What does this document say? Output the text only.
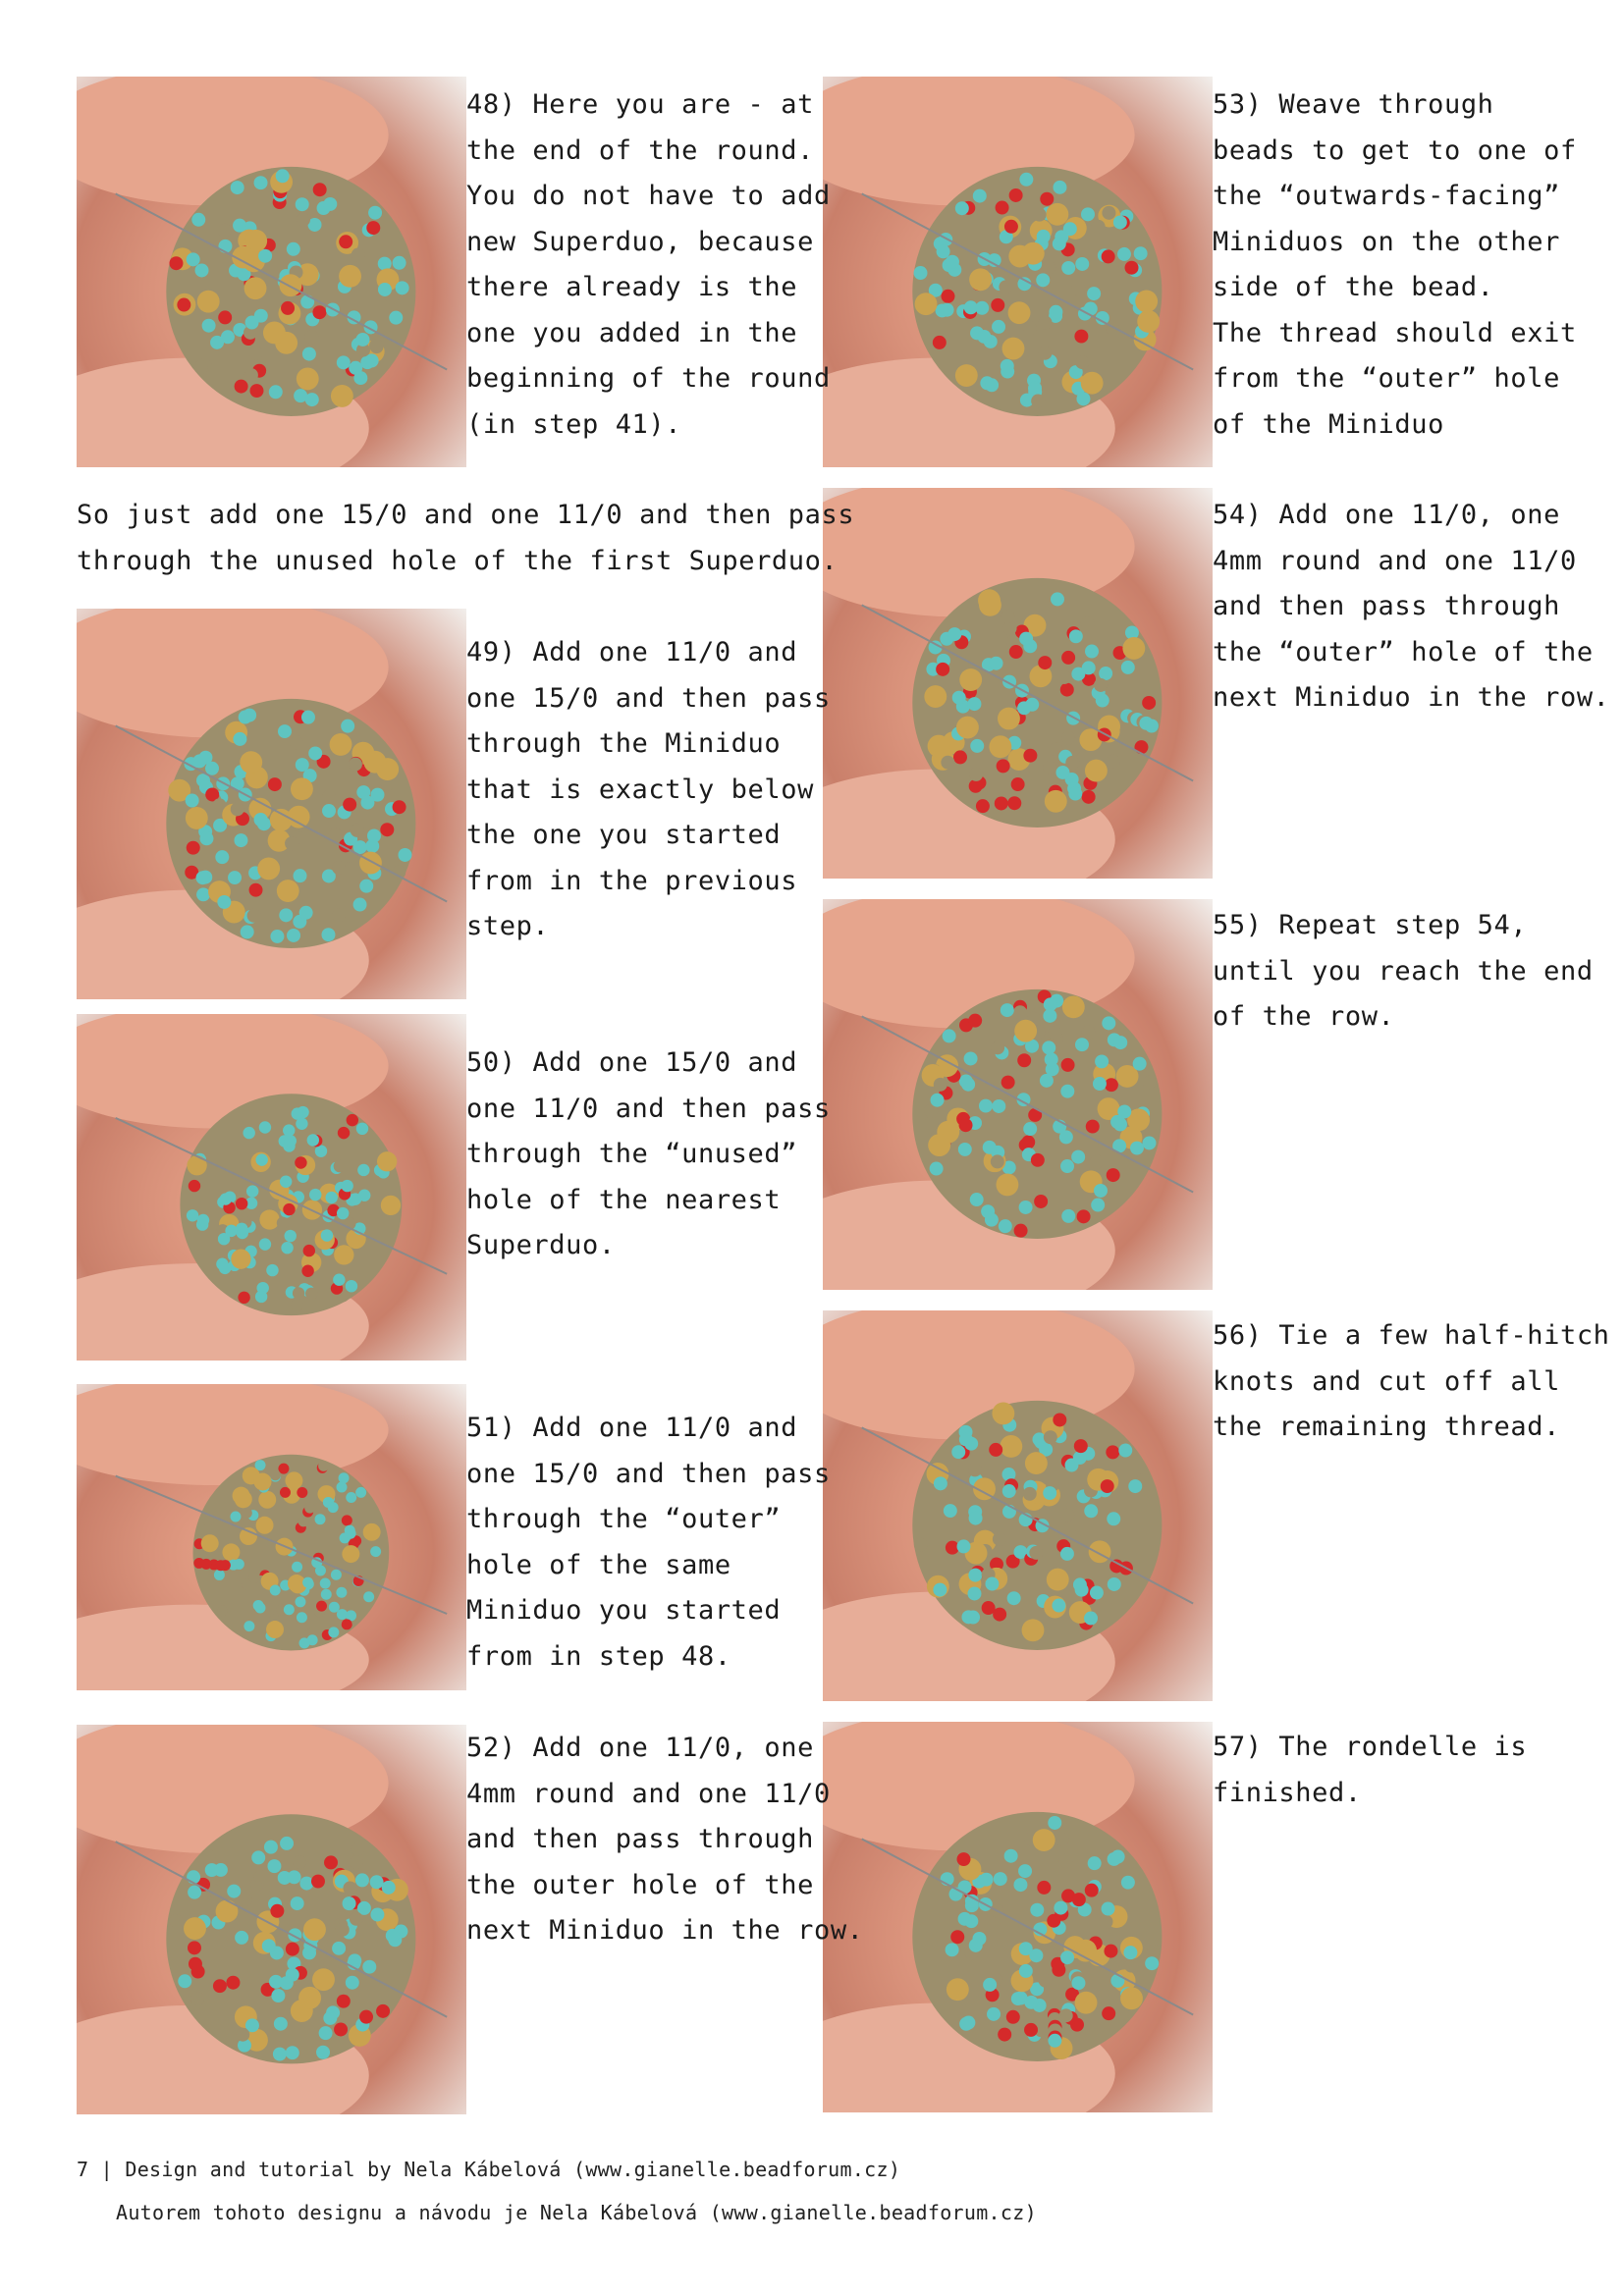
48) Here you are - at
the end of the round.
You do not have to add
new Superduo, because
there already is the
one you added in the
beginning of the round
(in step 41).
So just add one 15/0 and one 11/0 and then pass
through the unused hole of the first Superduo.
49) Add one 11/0 and
one 15/0 and then pass
through the Miniduo
that is exactly below
the one you started
from in the previous
step.
50) Add one 15/0 and
one 11/0 and then pass
through the “unused”
hole of the nearest
Superduo.
51) Add one 11/0 and
one 15/0 and then pass
through the “outer”
hole of the same
Miniduo you started
from in step 48.
52) Add one 11/0, one
4mm round and one 11/0
and then pass through
the outer hole of the
next Miniduo in the row.
53) Weave through
beads to get to one of
the “outwards-facing”
Miniduos on the other
side of the bead.
The thread should exit
from the “outer” hole
of the Miniduo
54) Add one 11/0, one
4mm round and one 11/0
and then pass through
the “outer” hole of the
next Miniduo in the row.
55) Repeat step 54,
until you reach the end
of the row.
56) Tie a few half-hitch
knots and cut off all
the remaining thread.
57) The rondelle is
finished.
7 | Design and tutorial by Nela Kábelová (www.gianelle.beadforum.cz)
Autorem tohoto designu a návodu je Nela Kábelová (www.gianelle.beadforum.cz)
